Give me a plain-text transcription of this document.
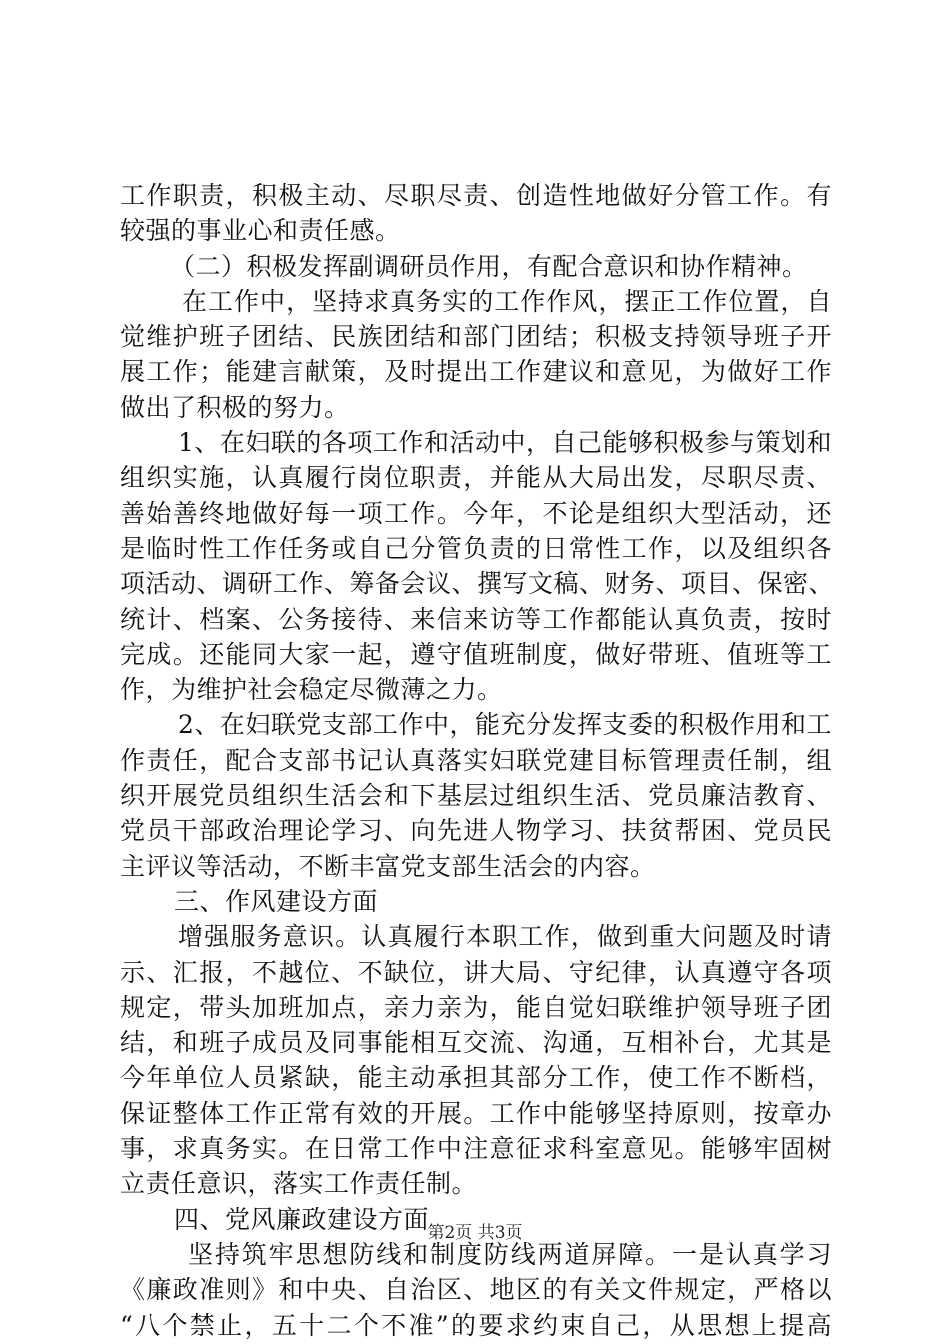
工作职责，积极主动、尽职尽责、创造性地做好分管工作。有
较强的事业心和责任感。
（二）积极发挥副调研员作用，有配合意识和协作精神。
在工作中，坚持求真务实的工作作风，摆正工作位置，自
觉维护班子团结、民族团结和部门团结；积极支持领导班子开
展工作；能建言献策，及时提出工作建议和意见，为做好工作
做出了积极的努力。
1、在妇联的各项工作和活动中，自己能够积极参与策划和
组织实施，认真履行岗位职责，并能从大局出发，尽职尽责、
善始善终地做好每一项工作。今年，不论是组织大型活动，还
是临时性工作任务或自己分管负责的日常性工作，以及组织各
项活动、调研工作、筹备会议、撰写文稿、财务、项目、保密、
统计、档案、公务接待、来信来访等工作都能认真负责，按时
完成。还能同大家一起，遵守值班制度，做好带班、值班等工
作，为维护社会稳定尽微薄之力。
2、在妇联党支部工作中，能充分发挥支委的积极作用和工
作责任，配合支部书记认真落实妇联党建目标管理责任制，组
织开展党员组织生活会和下基层过组织生活、党员廉洁教育、
党员干部政治理论学习、向先进人物学习、扶贫帮困、党员民
主评议等活动，不断丰富党支部生活会的内容。
三、作风建设方面
增强服务意识。认真履行本职工作，做到重大问题及时请
示、汇报，不越位、不缺位，讲大局、守纪律，认真遵守各项
规定，带头加班加点，亲力亲为，能自觉妇联维护领导班子团
结，和班子成员及同事能相互交流、沟通，互相补台，尤其是
今年单位人员紧缺，能主动承担其部分工作，使工作不断档，
保证整体工作正常有效的开展。工作中能够坚持原则，按章办
事，求真务实。在日常工作中注意征求科室意见。能够牢固树
立责任意识，落实工作责任制。
四、党风廉政建设方面
坚持筑牢思想防线和制度防线两道屏障。一是认真学习
《廉政准则》和中央、自治区、地区的有关文件规定，严格以
“八个禁止，五十二个不准”的要求约束自己，从思想上提高
第2页 共3页
